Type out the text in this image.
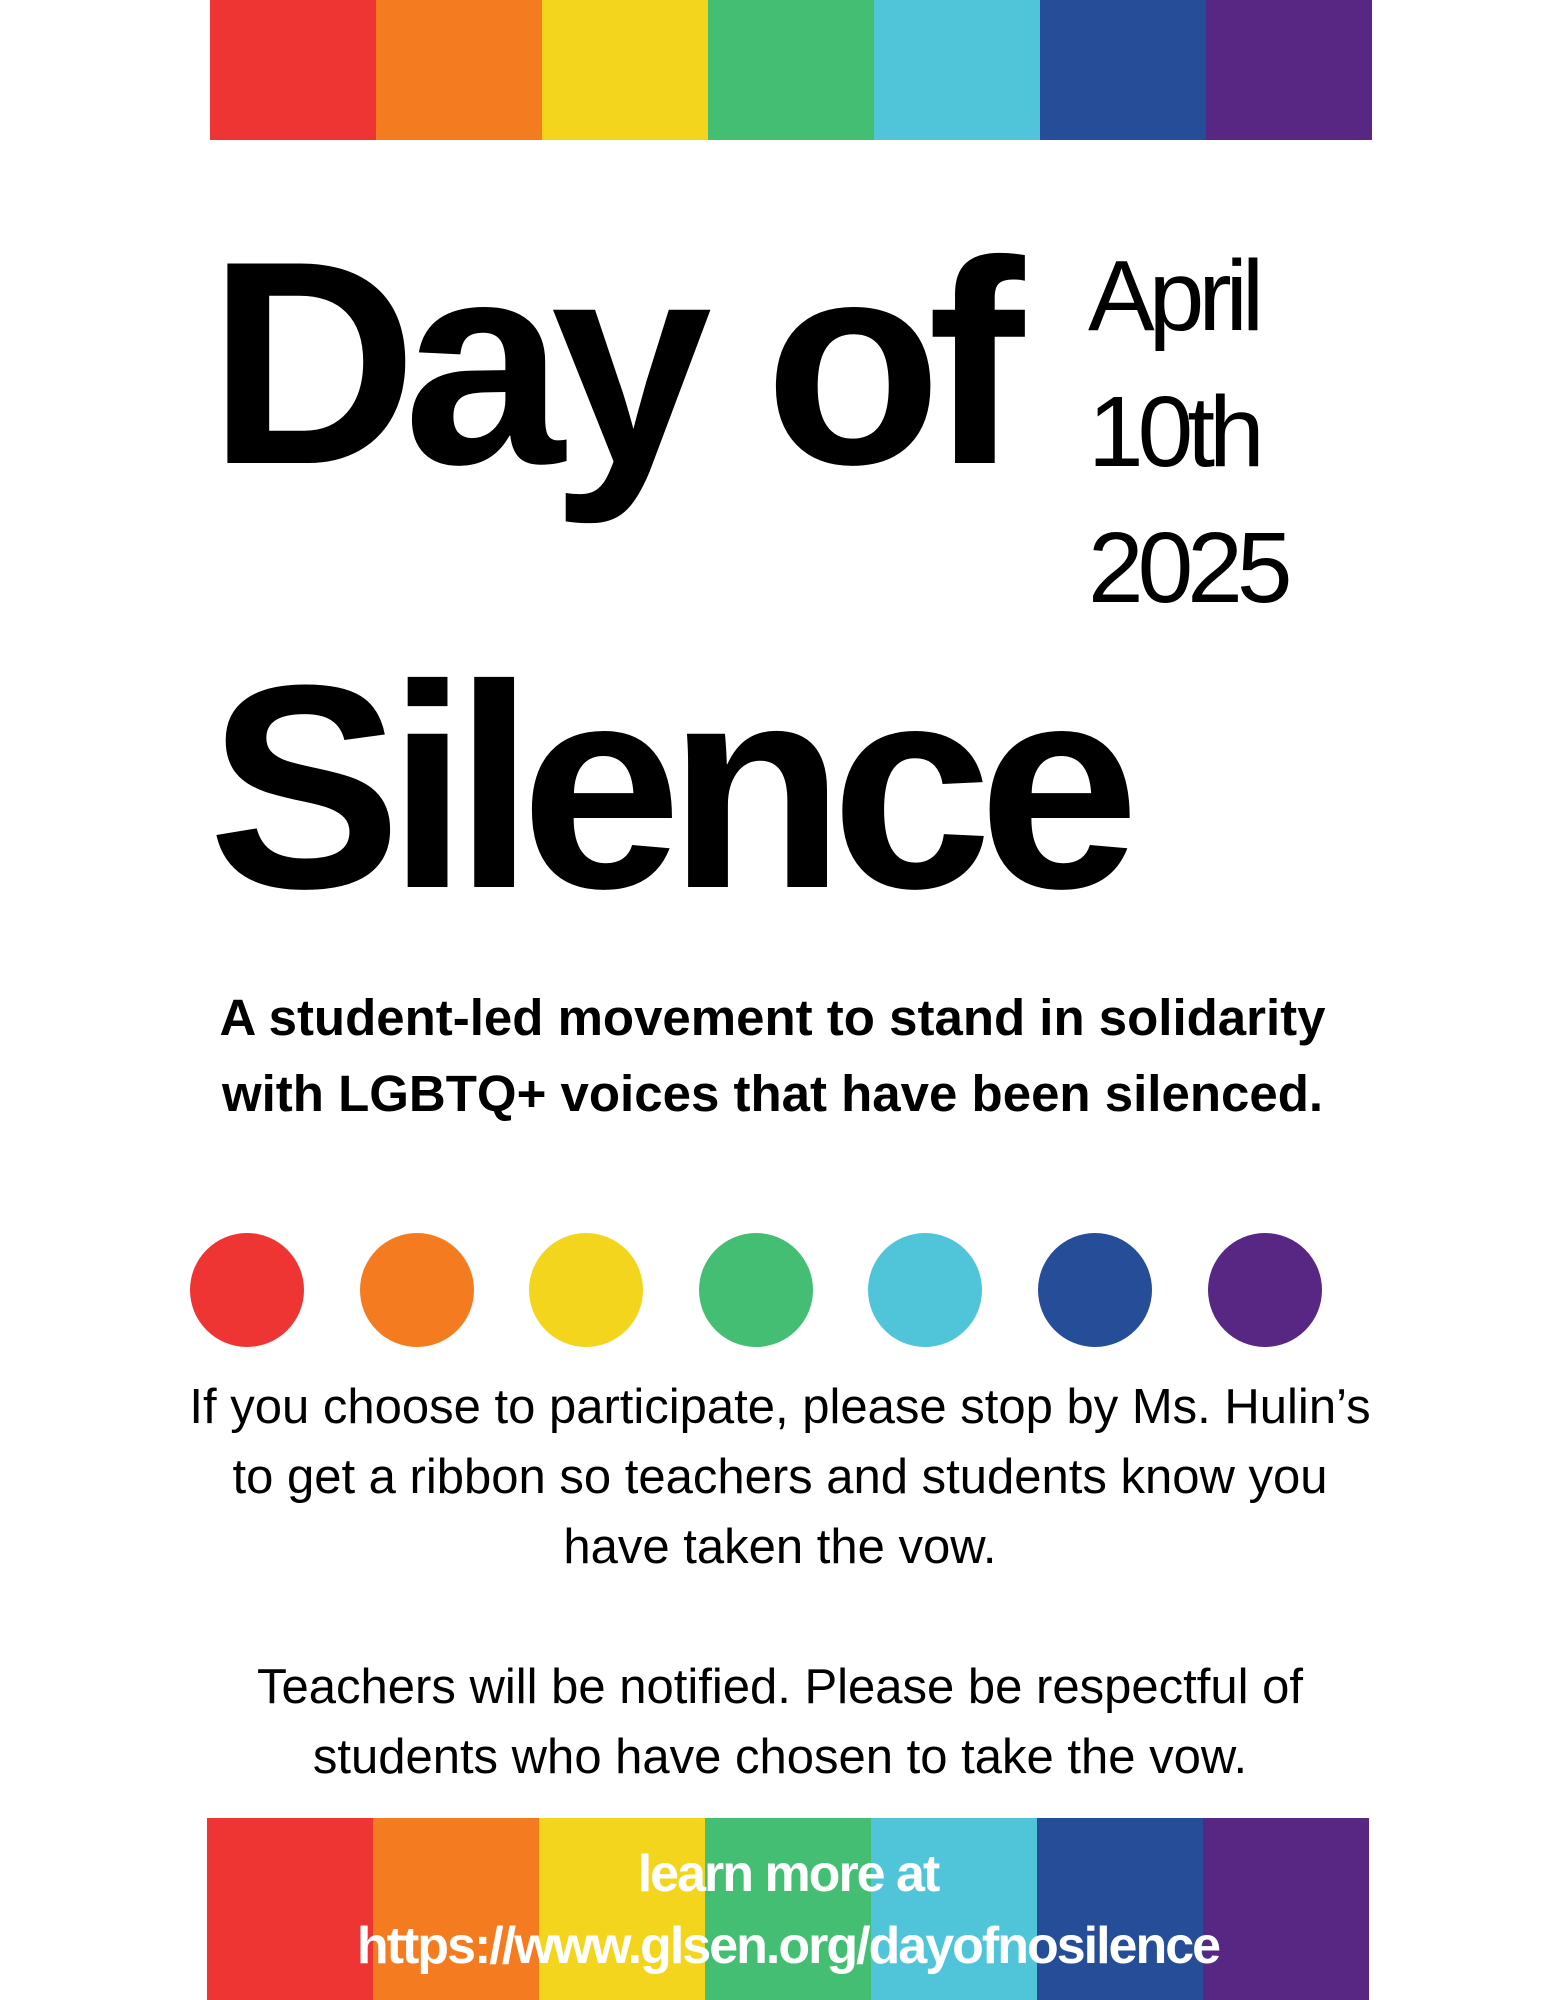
Day of April
10th
2025
Silence
A student-led movement to stand in solidarity with LGBTQ+ voices that have been silenced.
If you choose to participate, please stop by Ms. Hulin’s to get a ribbon so teachers and students know you have taken the vow.
Teachers will be notified. Please be respectful of students who have chosen to take the vow.
learn more at
https://www.glsen.org/dayofnosilence
